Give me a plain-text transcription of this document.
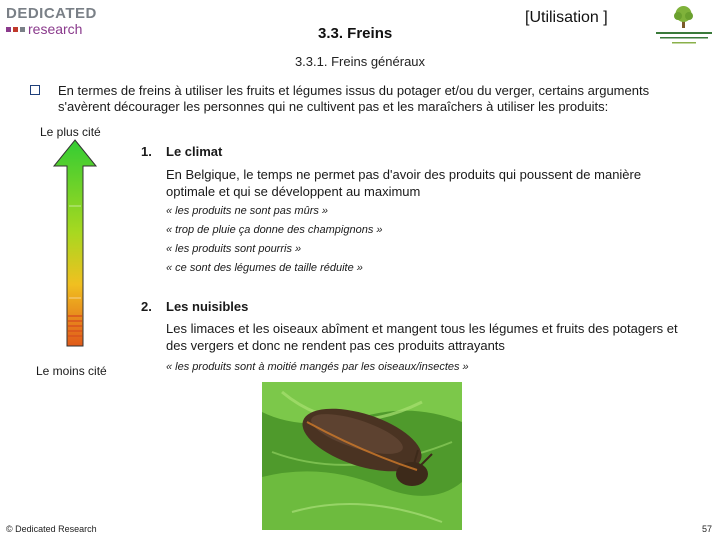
DEDICATED
research	3.3. Freins
[Utilisation ]
3.3.1. Freins généraux
En termes de freins à utiliser les fruits et légumes issus du potager et/ou du verger, certains arguments s'avèrent décourager les personnes qui ne cultivent pas et les maraîchers à utiliser les produits:
Le plus cité
Le moins cité
1. Le climat
En Belgique, le temps ne permet pas d'avoir des produits qui poussent de manière optimale et qui se développent au maximum
« les produits ne sont pas mûrs »
« trop de pluie ça donne des champignons »
« les produits sont pourris »
« ce sont des légumes de taille réduite »
2. Les nuisibles
Les limaces et les oiseaux abîment et mangent tous les légumes et fruits des potagers et des vergers et donc ne rendent pas ces produits attrayants
« les produits sont à moitié mangés par les oiseaux/insectes »
© Dedicated Research	57
